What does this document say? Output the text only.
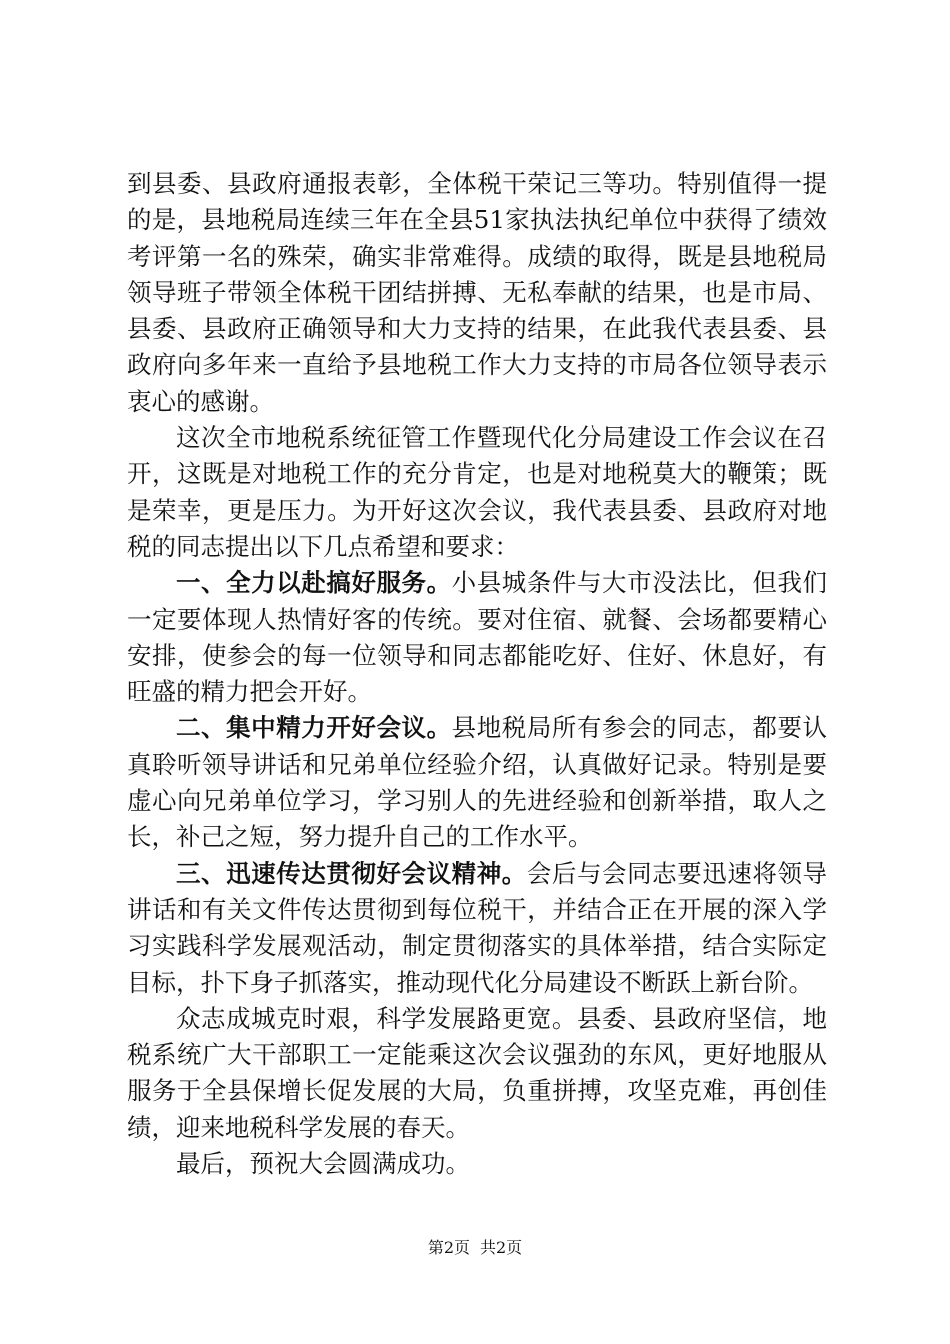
到县委、县政府通报表彰，全体税干荣记三等功。特别值得一提的是，县地税局连续三年在全县51家执法执纪单位中获得了绩效考评第一名的殊荣，确实非常难得。成绩的取得，既是县地税局领导班子带领全体税干团结拼搏、无私奉献的结果，也是市局、县委、县政府正确领导和大力支持的结果，在此我代表县委、县政府向多年来一直给予县地税工作大力支持的市局各位领导表示衷心的感谢。

这次全市地税系统征管工作暨现代化分局建设工作会议在召开，这既是对地税工作的充分肯定，也是对地税莫大的鞭策；既是荣幸，更是压力。为开好这次会议，我代表县委、县政府对地税的同志提出以下几点希望和要求：

一、全力以赴搞好服务。小县城条件与大市没法比，但我们一定要体现人热情好客的传统。要对住宿、就餐、会场都要精心安排，使参会的每一位领导和同志都能吃好、住好、休息好，有旺盛的精力把会开好。

二、集中精力开好会议。县地税局所有参会的同志，都要认真聆听领导讲话和兄弟单位经验介绍，认真做好记录。特别是要虚心向兄弟单位学习，学习别人的先进经验和创新举措，取人之长，补己之短，努力提升自己的工作水平。

三、迅速传达贯彻好会议精神。会后与会同志要迅速将领导讲话和有关文件传达贯彻到每位税干，并结合正在开展的深入学习实践科学发展观活动，制定贯彻落实的具体举措，结合实际定目标，扑下身子抓落实，推动现代化分局建设不断跃上新台阶。

众志成城克时艰，科学发展路更宽。县委、县政府坚信，地税系统广大干部职工一定能乘这次会议强劲的东风，更好地服从服务于全县保增长促发展的大局，负重拼搏，攻坚克难，再创佳绩，迎来地税科学发展的春天。

最后，预祝大会圆满成功。

第2页 共2页
